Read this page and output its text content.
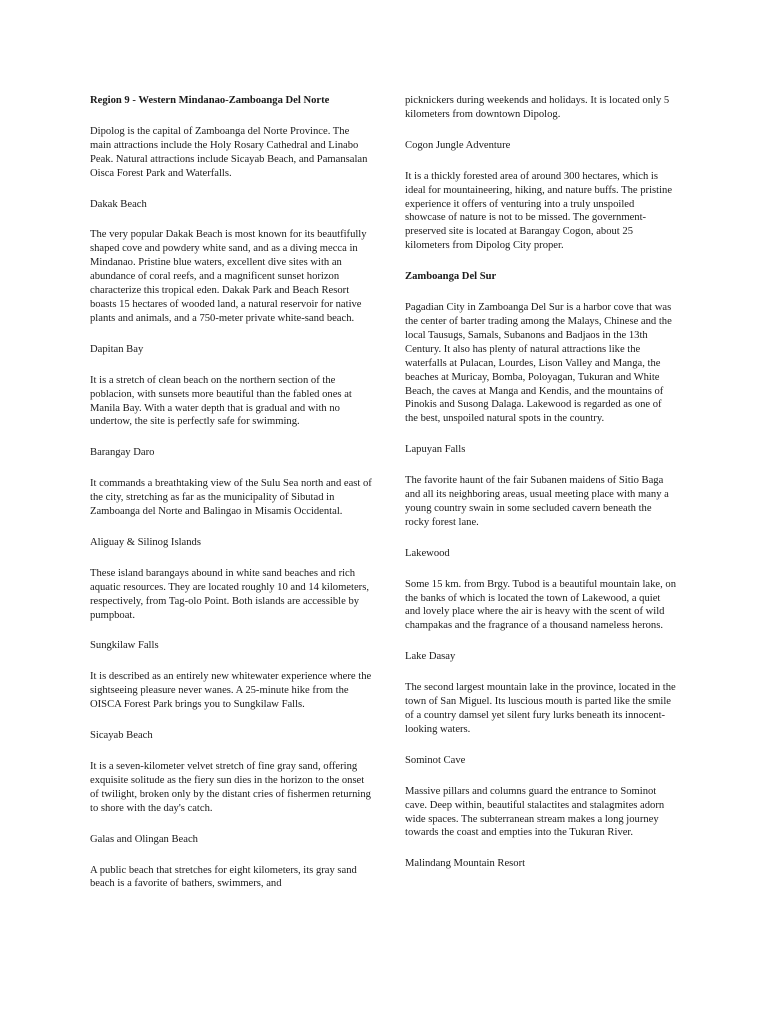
Region 9 - Western Mindanao-Zamboanga Del Norte

Dipolog is the capital of Zamboanga del Norte Province. The main attractions include the Holy Rosary Cathedral and Linabo Peak. Natural attractions include Sicayab Beach, and Pamansalan Oisca Forest Park and Waterfalls.

Dakak Beach

The very popular Dakak Beach is most known for its beautfifully shaped cove and powdery white sand, and as a diving mecca in Mindanao. Pristine blue waters, excellent dive sites with an abundance of coral reefs, and a magnificent sunset horizon characterize this tropical eden. Dakak Park and Beach Resort boasts 15 hectares of wooded land, a natural reservoir for native plants and animals, and a 750-meter private white-sand beach.

Dapitan Bay

It is a stretch of clean beach on the northern section of the poblacion, with sunsets more beautiful than the fabled ones at Manila Bay. With a water depth that is gradual and with no undertow, the site is perfectly safe for swimming.

Barangay Daro

It commands a breathtaking view of the Sulu Sea north and east of the city, stretching as far as the municipality of Sibutad in Zamboanga del Norte and Balingao in Misamis Occidental.

Aliguay & Silinog Islands

These island barangays abound in white sand beaches and rich aquatic resources. They are located roughly 10 and 14 kilometers, respectively, from Tag-olo Point. Both islands are accessible by pumpboat.

Sungkilaw Falls

It is described as an entirely new whitewater experience where the sightseeing pleasure never wanes. A 25-minute hike from the OISCA Forest Park brings you to Sungkilaw Falls.

Sicayab Beach

It is a seven-kilometer velvet stretch of fine gray sand, offering exquisite solitude as the fiery sun dies in the horizon to the onset of twilight, broken only by the distant cries of fishermen returning to shore with the day's catch.

Galas and Olingan Beach

A public beach that stretches for eight kilometers, its gray sand beach is a favorite of bathers, swimmers, and

picknickers during weekends and holidays. It is located only 5 kilometers from downtown Dipolog.

Cogon Jungle Adventure

It is a thickly forested area of around 300 hectares, which is ideal for mountaineering, hiking, and nature buffs. The pristine experience it offers of venturing into a truly unspoiled showcase of nature is not to be missed. The government-preserved site is located at Barangay Cogon, about 25 kilometers from Dipolog City proper.

Zamboanga Del Sur

Pagadian City in Zamboanga Del Sur is a harbor cove that was the center of barter trading among the Malays, Chinese and the local Tausugs, Samals, Subanons and Badjaos in the 13th Century. It also has plenty of natural attractions like the waterfalls at Pulacan, Lourdes, Lison Valley and Manga, the beaches at Muricay, Bomba, Poloyagan, Tukuran and White Beach, the caves at Manga and Kendis, and the mountains of Pinokis and Susong Dalaga. Lakewood is regarded as one of the best, unspoiled natural spots in the country.

Lapuyan Falls

The favorite haunt of the fair Subanen maidens of Sitio Baga and all its neighboring areas, usual meeting place with many a young country swain in some secluded cavern beneath the rocky forest lane.

Lakewood

Some 15 km. from Brgy. Tubod is a beautiful mountain lake, on the banks of which is located the town of Lakewood, a quiet and lovely place where the air is heavy with the scent of wild champakas and the fragrance of a thousand nameless herons.

Lake Dasay

The second largest mountain lake in the province, located in the town of San Miguel. Its luscious mouth is parted like the smile of a country damsel yet silent fury lurks beneath its innocent-looking waters.

Sominot Cave

Massive pillars and columns guard the entrance to Sominot cave. Deep within, beautiful stalactites and stalagmites adorn wide spaces. The subterranean stream makes a long journey towards the coast and empties into the Tukuran River.

Malindang Mountain Resort
